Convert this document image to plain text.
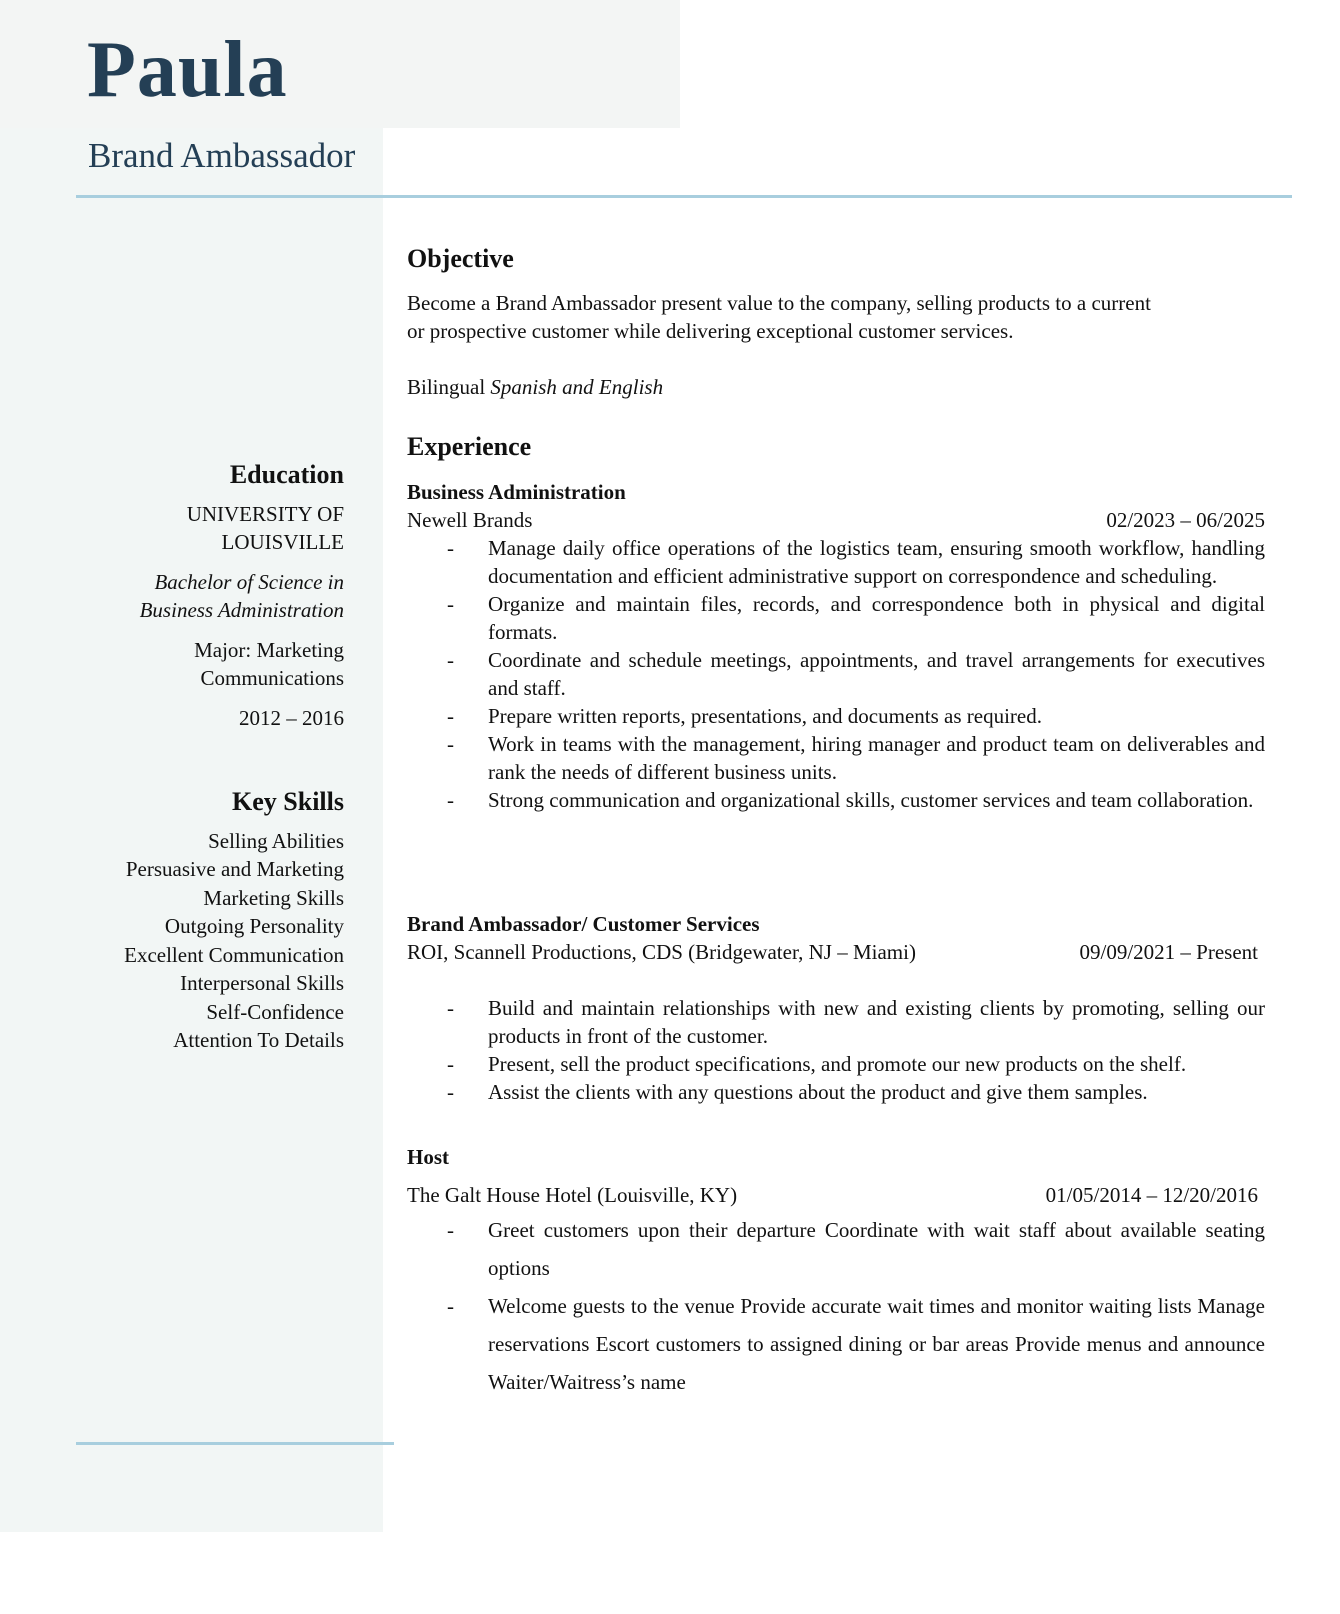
Paula
Brand Ambassador
Education

UNIVERSITY OF
LOUISVILLE

Bachelor of Science in
Business Administration

Major: Marketing
Communications

2012 – 2016

Key Skills
Selling Abilities
Persuasive and Marketing
Marketing Skills
Outgoing Personality
Excellent Communication
Interpersonal Skills
Self-Confidence
Attention To Details
Objective

Become a Brand Ambassador present value to the company, selling products to a current
or prospective customer while delivering exceptional customer services.

Bilingual Spanish and English

Experience
Business Administration
Newell Brands	02/2023 – 06/2025
- Manage daily office operations of the logistics team, ensuring smooth workflow, handling documentation and efficient administrative support on correspondence and scheduling.
- Organize and maintain files, records, and correspondence both in physical and digital formats.
- Coordinate and schedule meetings, appointments, and travel arrangements for executives and staff.
- Prepare written reports, presentations, and documents as required.
- Work in teams with the management, hiring manager and product team on deliverables and rank the needs of different business units.
- Strong communication and organizational skills, customer services and team collaboration.
Brand Ambassador/ Customer Services
ROI, Scannell Productions, CDS (Bridgewater, NJ – Miami)	09/09/2021 – Present
- Build and maintain relationships with new and existing clients by promoting, selling our products in front of the customer.
- Present, sell the product specifications, and promote our new products on the shelf.
- Assist the clients with any questions about the product and give them samples.
Host
The Galt House Hotel (Louisville, KY)	01/05/2014 – 12/20/2016
- Greet customers upon their departure Coordinate with wait staff about available seating options
- Welcome guests to the venue Provide accurate wait times and monitor waiting lists Manage reservations Escort customers to assigned dining or bar areas Provide menus and announce Waiter/Waitress’s name
